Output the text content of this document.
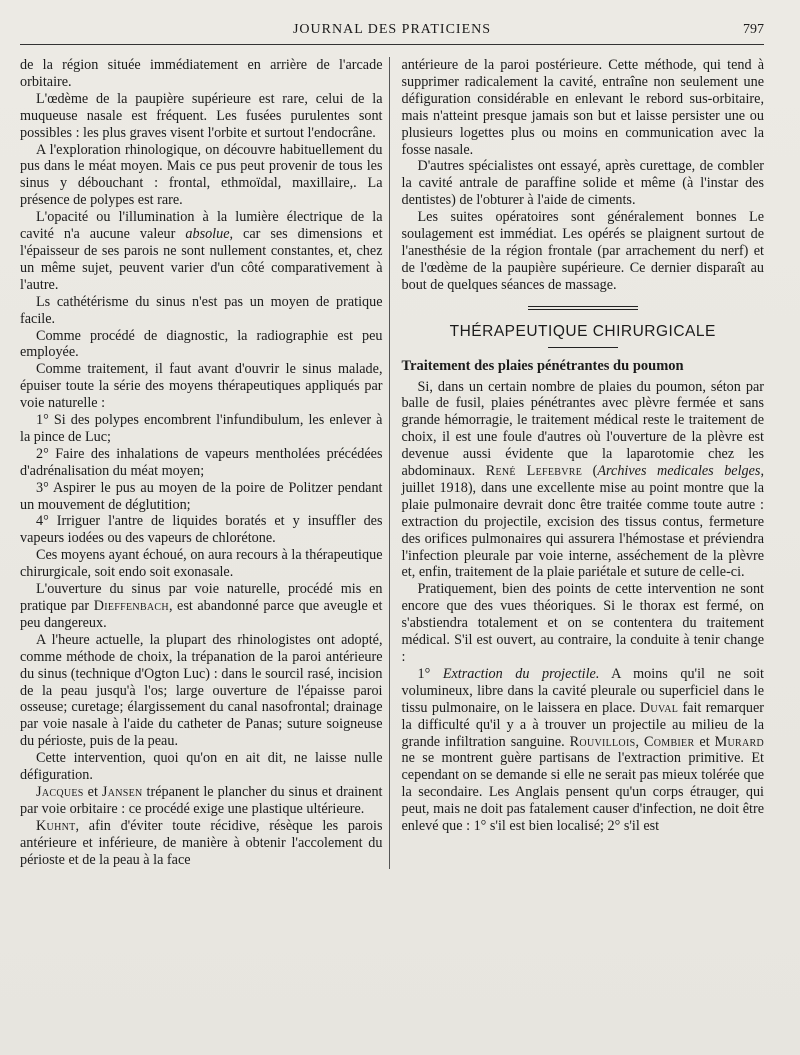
JOURNAL DES PRATICIENS	797

de la région située immédiatement en arrière de l'arcade orbitaire.

L'œdème de la paupière supérieure est rare, celui de la muqueuse nasale est fréquent. Les fusées purulentes sont possibles : les plus graves visent l'orbite et surtout l'endocrâne.

A l'exploration rhinologique, on découvre habituellement du pus dans le méat moyen. Mais ce pus peut provenir de tous les sinus y débouchant : frontal, ethmoïdal, maxillaire,. La présence de polypes est rare.

L'opacité ou l'illumination à la lumière électrique de la cavité n'a aucune valeur absolue, car ses dimensions et l'épaisseur de ses parois ne sont nullement constantes, et, chez un même sujet, peuvent varier d'un côté comparativement à l'autre.

Ls cathétérisme du sinus n'est pas un moyen de pratique facile.

Comme procédé de diagnostic, la radiographie est peu employée.

Comme traitement, il faut avant d'ouvrir le sinus malade, épuiser toute la série des moyens thérapeutiques appliqués par voie naturelle :

1° Si des polypes encombrent l'infundibulum, les enlever à la pince de Luc;

2° Faire des inhalations de vapeurs mentholées précédées d'adrénalisation du méat moyen;

3° Aspirer le pus au moyen de la poire de Politzer pendant un mouvement de déglutition;

4° Irriguer l'antre de liquides boratés et y insuffler des vapeurs iodées ou des vapeurs de chlorétone.

Ces moyens ayant échoué, on aura recours à la thérapeutique chirurgicale, soit endo soit exonasale.

L'ouverture du sinus par voie naturelle, procédé mis en pratique par Dieffenbach, est abandonné parce que aveugle et peu dangereux.

A l'heure actuelle, la plupart des rhinologistes ont adopté, comme méthode de choix, la trépanation de la paroi antérieure du sinus (technique d'Ogton Luc) : dans le sourcil rasé, incision de la peau jusqu'à l'os; large ouverture de l'épaisse paroi osseuse; curetage; élargissement du canal nasofrontal; drainage par voie nasale à l'aide du catheter de Panas; suture soigneuse du périoste, puis de la peau.

Cette intervention, quoi qu'on en ait dit, ne laisse nulle défiguration.

Jacques et Jansen trépanent le plancher du sinus et drainent par voie orbitaire : ce procédé exige une plastique ultérieure.

Kuhnt, afin d'éviter toute récidive, résèque les parois antérieure et inférieure, de manière à obtenir l'accolement du périoste et de la peau à la face

antérieure de la paroi postérieure. Cette méthode, qui tend à supprimer radicalement la cavité, entraîne non seulement une défiguration considérable en enlevant le rebord sus-orbitaire, mais n'atteint presque jamais son but et laisse persister une ou plusieurs logettes plus ou moins en communication avec la fosse nasale.

D'autres spécialistes ont essayé, après curettage, de combler la cavité antrale de paraffine solide et même (à l'instar des dentistes) de l'obturer à l'aide de ciments.

Les suites opératoires sont généralement bonnes Le soulagement est immédiat. Les opérés se plaignent surtout de l'anesthésie de la région frontale (par arrachement du nerf) et de l'œdème de la paupière supérieure. Ce dernier disparaît au bout de quelques séances de massage.

THÉRAPEUTIQUE CHIRURGICALE
Traitement des plaies pénétrantes du poumon

Si, dans un certain nombre de plaies du poumon, séton par balle de fusil, plaies pénétrantes avec plèvre fermée et sans grande hémorragie, le traitement médical reste le traitement de choix, il est une foule d'autres où l'ouverture de la plèvre est devenue aussi évidente que la laparotomie chez les abdominaux. René Lefebvre (Archives medicales belges, juillet 1918), dans une excellente mise au point montre que la plaie pulmonaire devrait donc être traitée comme toute autre : extraction du projectile, excision des tissus contus, fermeture des orifices pulmonaires qui assurera l'hémostase et préviendra l'infection pleurale par voie interne, asséchement de la plèvre et, enfin, traitement de la plaie pariétale et suture de celle-ci.

Pratiquement, bien des points de cette intervention ne sont encore que des vues théoriques. Si le thorax est fermé, on s'abstiendra totalement et on se contentera du traitement médical. S'il est ouvert, au contraire, la conduite à tenir change :

1° Extraction du projectile. A moins qu'il ne soit volumineux, libre dans la cavité pleurale ou superficiel dans le tissu pulmonaire, on le laissera en place. Duval fait remarquer la difficulté qu'il y a à trouver un projectile au milieu de la grande infiltration sanguine. Rouvillois, Combier et Murard ne se montrent guère partisans de l'extraction primitive. Et cependant on se demande si elle ne serait pas mieux tolérée que la secondaire. Les Anglais pensent qu'un corps étrauger, qui peut, mais ne doit pas fatalement causer d'infection, ne doit être enlevé que : 1° s'il est bien localisé; 2° s'il est
